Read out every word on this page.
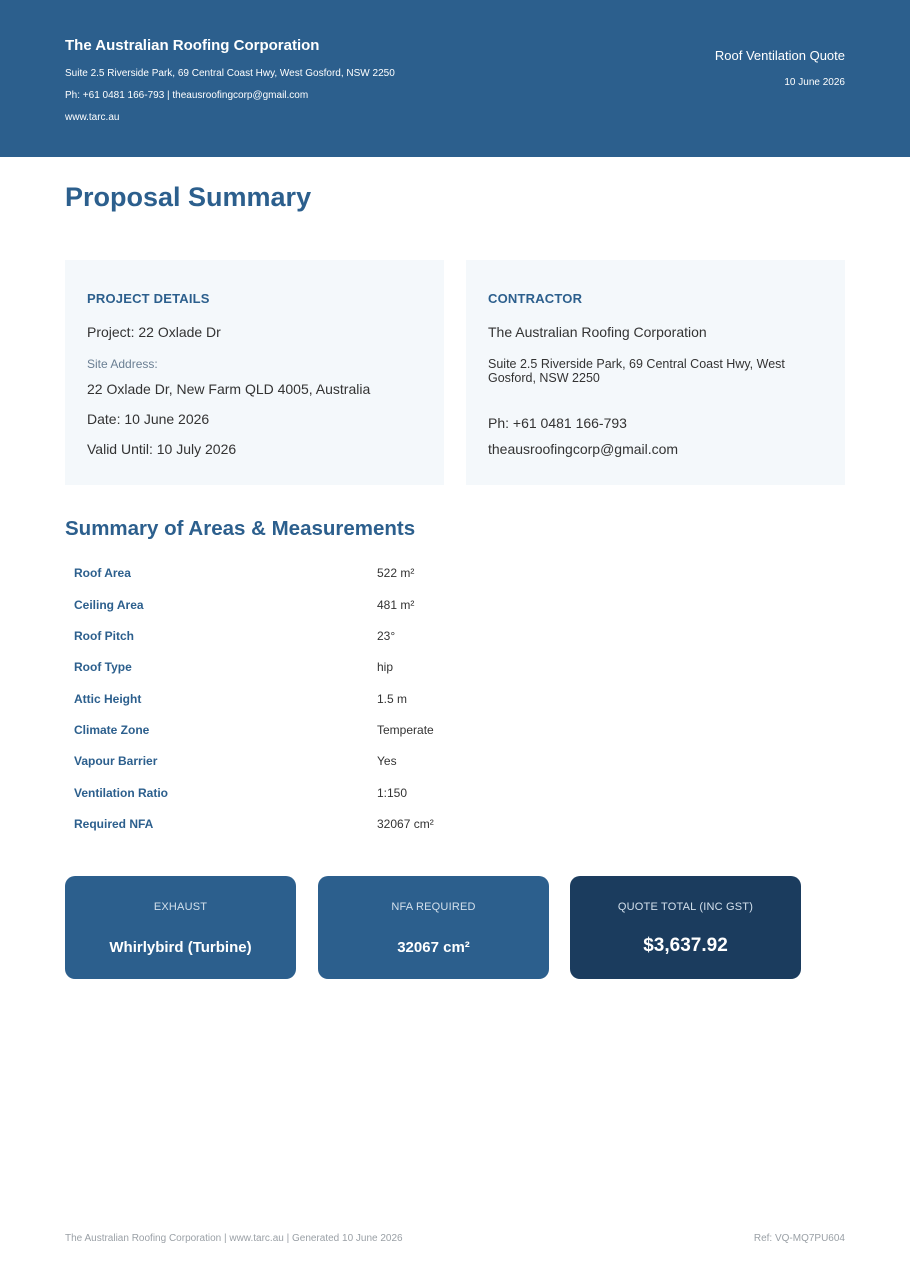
The Australian Roofing Corporation
Suite 2.5 Riverside Park, 69 Central Coast Hwy, West Gosford, NSW 2250
Ph: +61 0481 166-793 | theausroofingcorp@gmail.com
www.tarc.au
Roof Ventilation Quote
10 June 2026
Proposal Summary
PROJECT DETAILS
Project: 22 Oxlade Dr
Site Address:
22 Oxlade Dr, New Farm QLD 4005, Australia
Date: 10 June 2026
Valid Until: 10 July 2026
CONTRACTOR
The Australian Roofing Corporation
Suite 2.5 Riverside Park, 69 Central Coast Hwy, West Gosford, NSW 2250
Ph: +61 0481 166-793
theausroofingcorp@gmail.com
Summary of Areas & Measurements
Roof Area	522 m²
Ceiling Area	481 m²
Roof Pitch	23°
Roof Type	hip
Attic Height	1.5 m
Climate Zone	Temperate
Vapour Barrier	Yes
Ventilation Ratio	1:150
Required NFA	32067 cm²
EXHAUST
Whirlybird (Turbine)
NFA REQUIRED
32067 cm²
QUOTE TOTAL (INC GST)
$3,637.92
The Australian Roofing Corporation | www.tarc.au | Generated 10 June 2026	Ref: VQ-MQ7PU604
